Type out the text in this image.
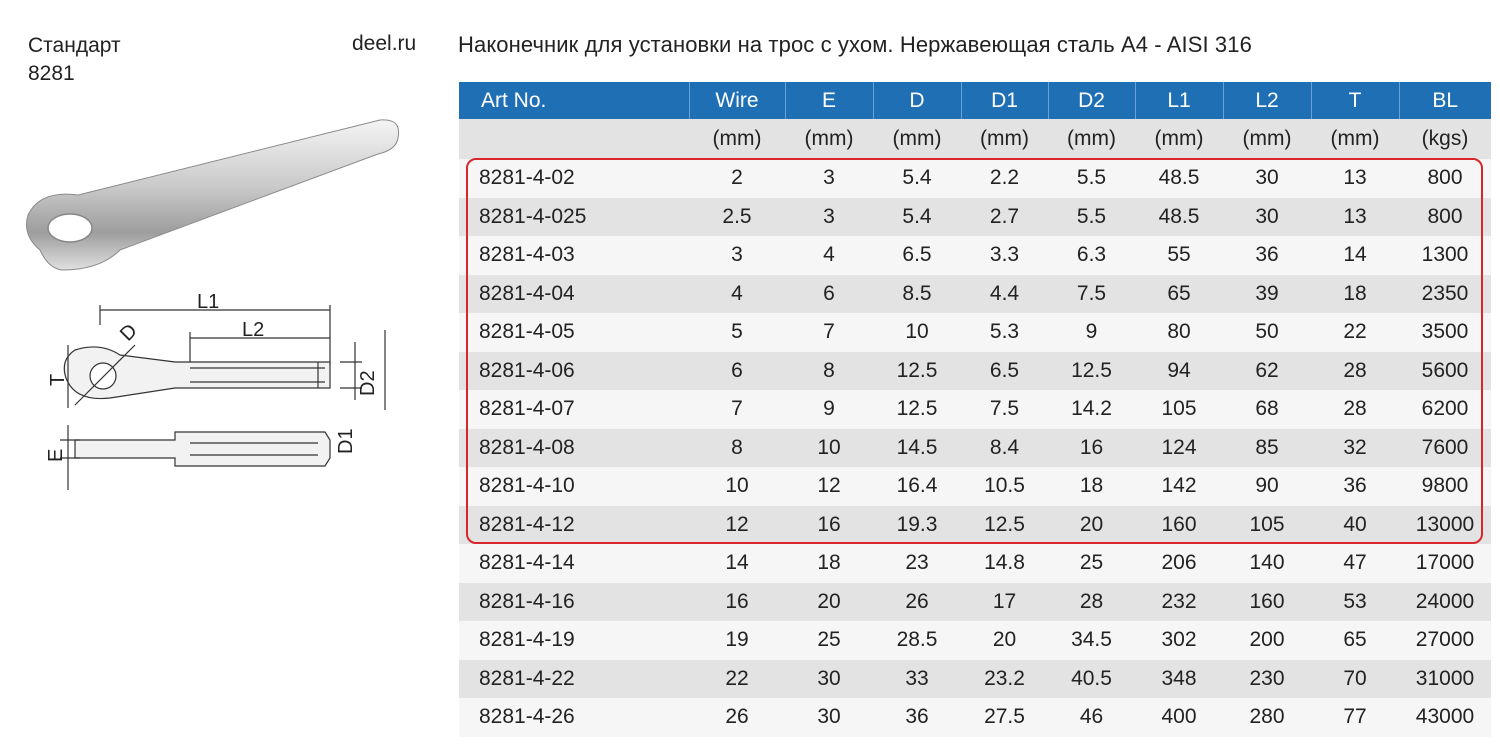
Стандарт
8281
deel.ru Наконечник для установки на трос с ухом. Нержавеющая сталь A4 - AISI 316
L1
L2
D
T	D2
D1
E
Art No.	Wire	E	D	D1	D2	L1	L2	T	BL
	(mm)	(mm)	(mm)	(mm)	(mm)	(mm)	(mm)	(mm)	(kgs)
8281-4-02	2	3	5.4	2.2	5.5	48.5	30	13	800
8281-4-025	2.5	3	5.4	2.7	5.5	48.5	30	13	800
8281-4-03	3	4	6.5	3.3	6.3	55	36	14	1300
8281-4-04	4	6	8.5	4.4	7.5	65	39	18	2350
8281-4-05	5	7	10	5.3	9	80	50	22	3500
8281-4-06	6	8	12.5	6.5	12.5	94	62	28	5600
8281-4-07	7	9	12.5	7.5	14.2	105	68	28	6200
8281-4-08	8	10	14.5	8.4	16	124	85	32	7600
8281-4-10	10	12	16.4	10.5	18	142	90	36	9800
8281-4-12	12	16	19.3	12.5	20	160	105	40	13000
8281-4-14	14	18	23	14.8	25	206	140	47	17000
8281-4-16	16	20	26	17	28	232	160	53	24000
8281-4-19	19	25	28.5	20	34.5	302	200	65	27000
8281-4-22	22	30	33	23.2	40.5	348	230	70	31000
8281-4-26	26	30	36	27.5	46	400	280	77	43000
